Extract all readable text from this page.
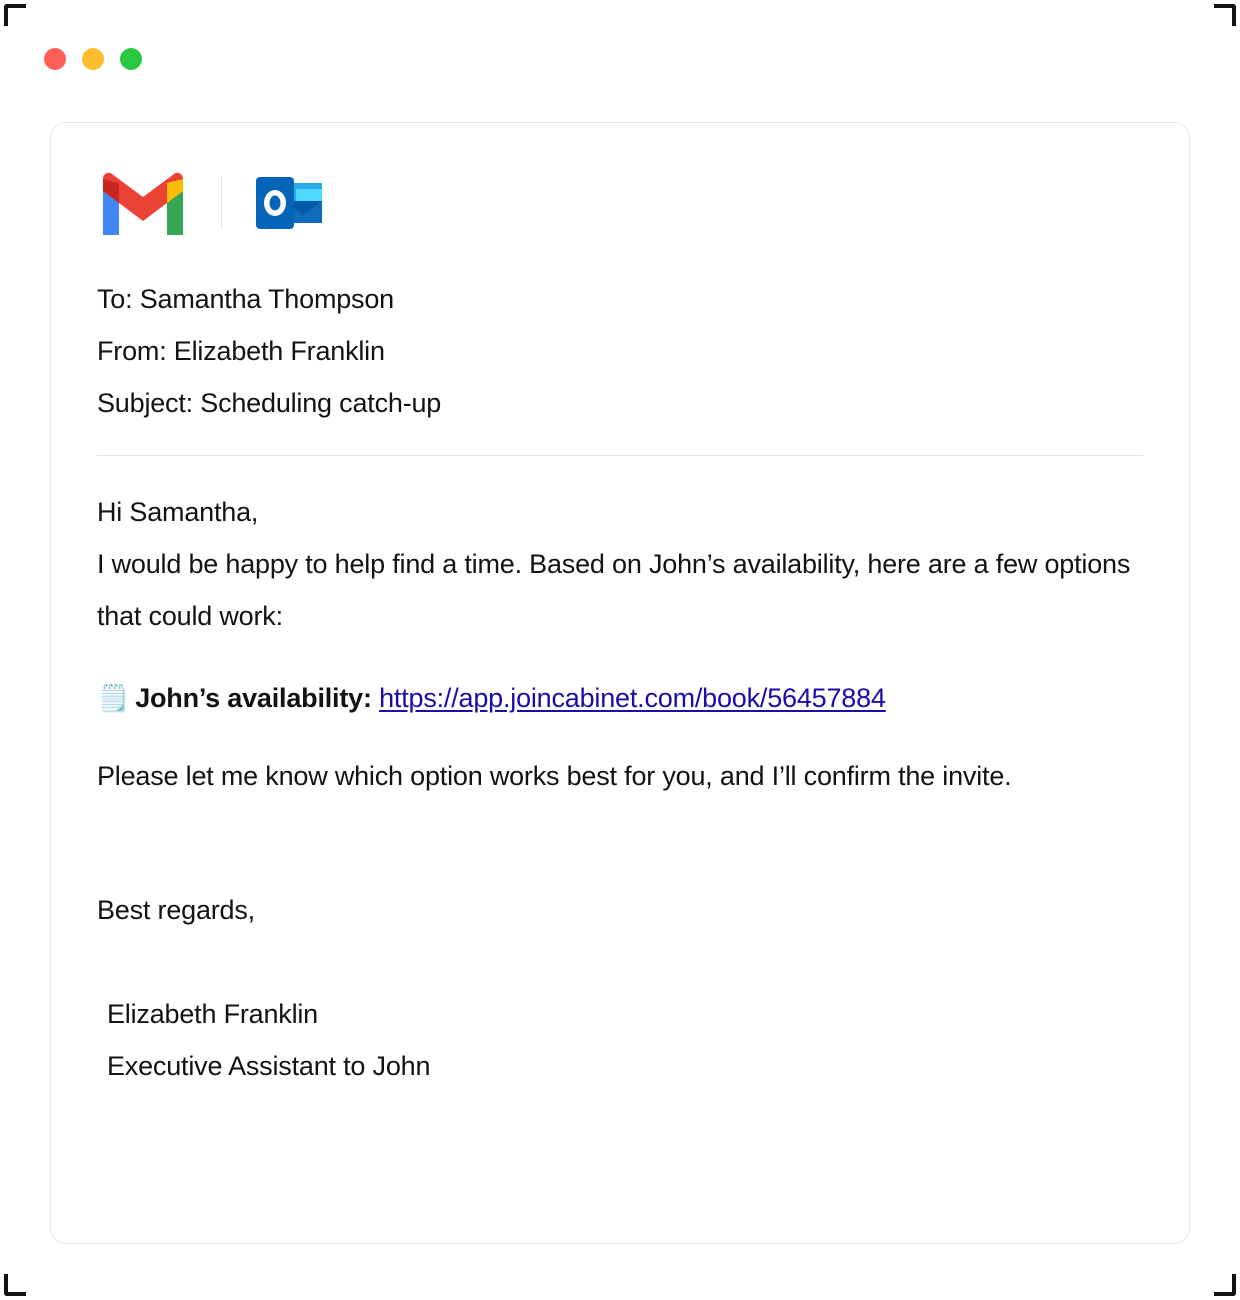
To: Samantha Thompson
From: Elizabeth Franklin
Subject: Scheduling catch-up

Hi Samantha,

I would be happy to help find a time. Based on John’s availability, here are a few options that could work:

🗒️ John’s availability: https://app.joincabinet.com/book/56457884

Please let me know which option works best for you, and I’ll confirm the invite.

Best regards,

Elizabeth Franklin
Executive Assistant to John
